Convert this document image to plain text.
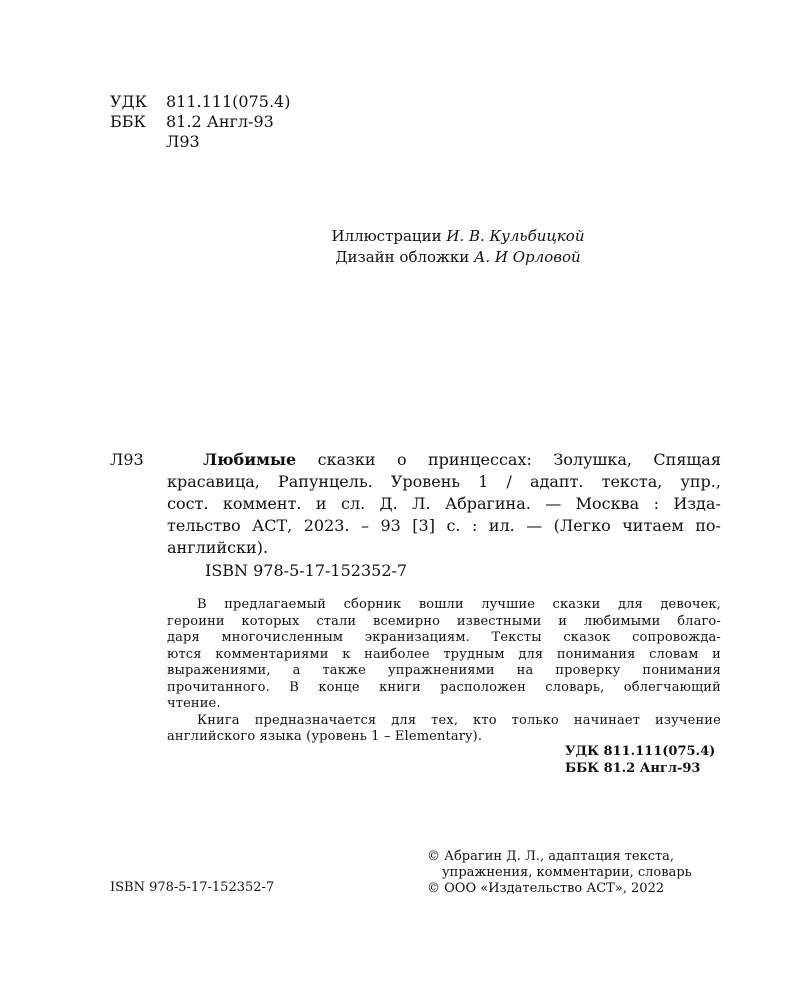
УДК	811.111(075.4)
ББК	81.2 Англ-93
Л93
Иллюстрации И. В. Кульбицкой
Дизайн обложки А. И Орловой
Л93	Любимые сказки о принцессах: Золушка, Спящая
красавица, Рапунцель. Уровень 1 / адапт. текста, упр.,
сост. коммент. и сл. Д. Л. Абрагина. — Москва : Изда-
тельство АСТ, 2023. – 93 [3] с. : ил. — (Легко читаем по-
английски).
ISBN 978-5-17-152352-7
В предлагаемый сборник вошли лучшие сказки для девочек,
героини которых стали всемирно известными и любимыми благо-
даря многочисленным экранизациям. Тексты сказок сопровожда-
ются комментариями к наиболее трудным для понимания словам и
выражениями, а также упражнениями на проверку понимания
прочитанного. В конце книги расположен словарь, облегчающий
чтение.
Книга предназначается для тех, кто только начинает изучение
английского языка (уровень 1 – Elementary).
УДК 811.111(075.4)
ББК 81.2 Англ-93
ISBN 978-5-17-152352-7
© Абрагин Д. Л., адаптация текста,
упражнения, комментарии, словарь
© ООО «Издательство АСТ», 2022
